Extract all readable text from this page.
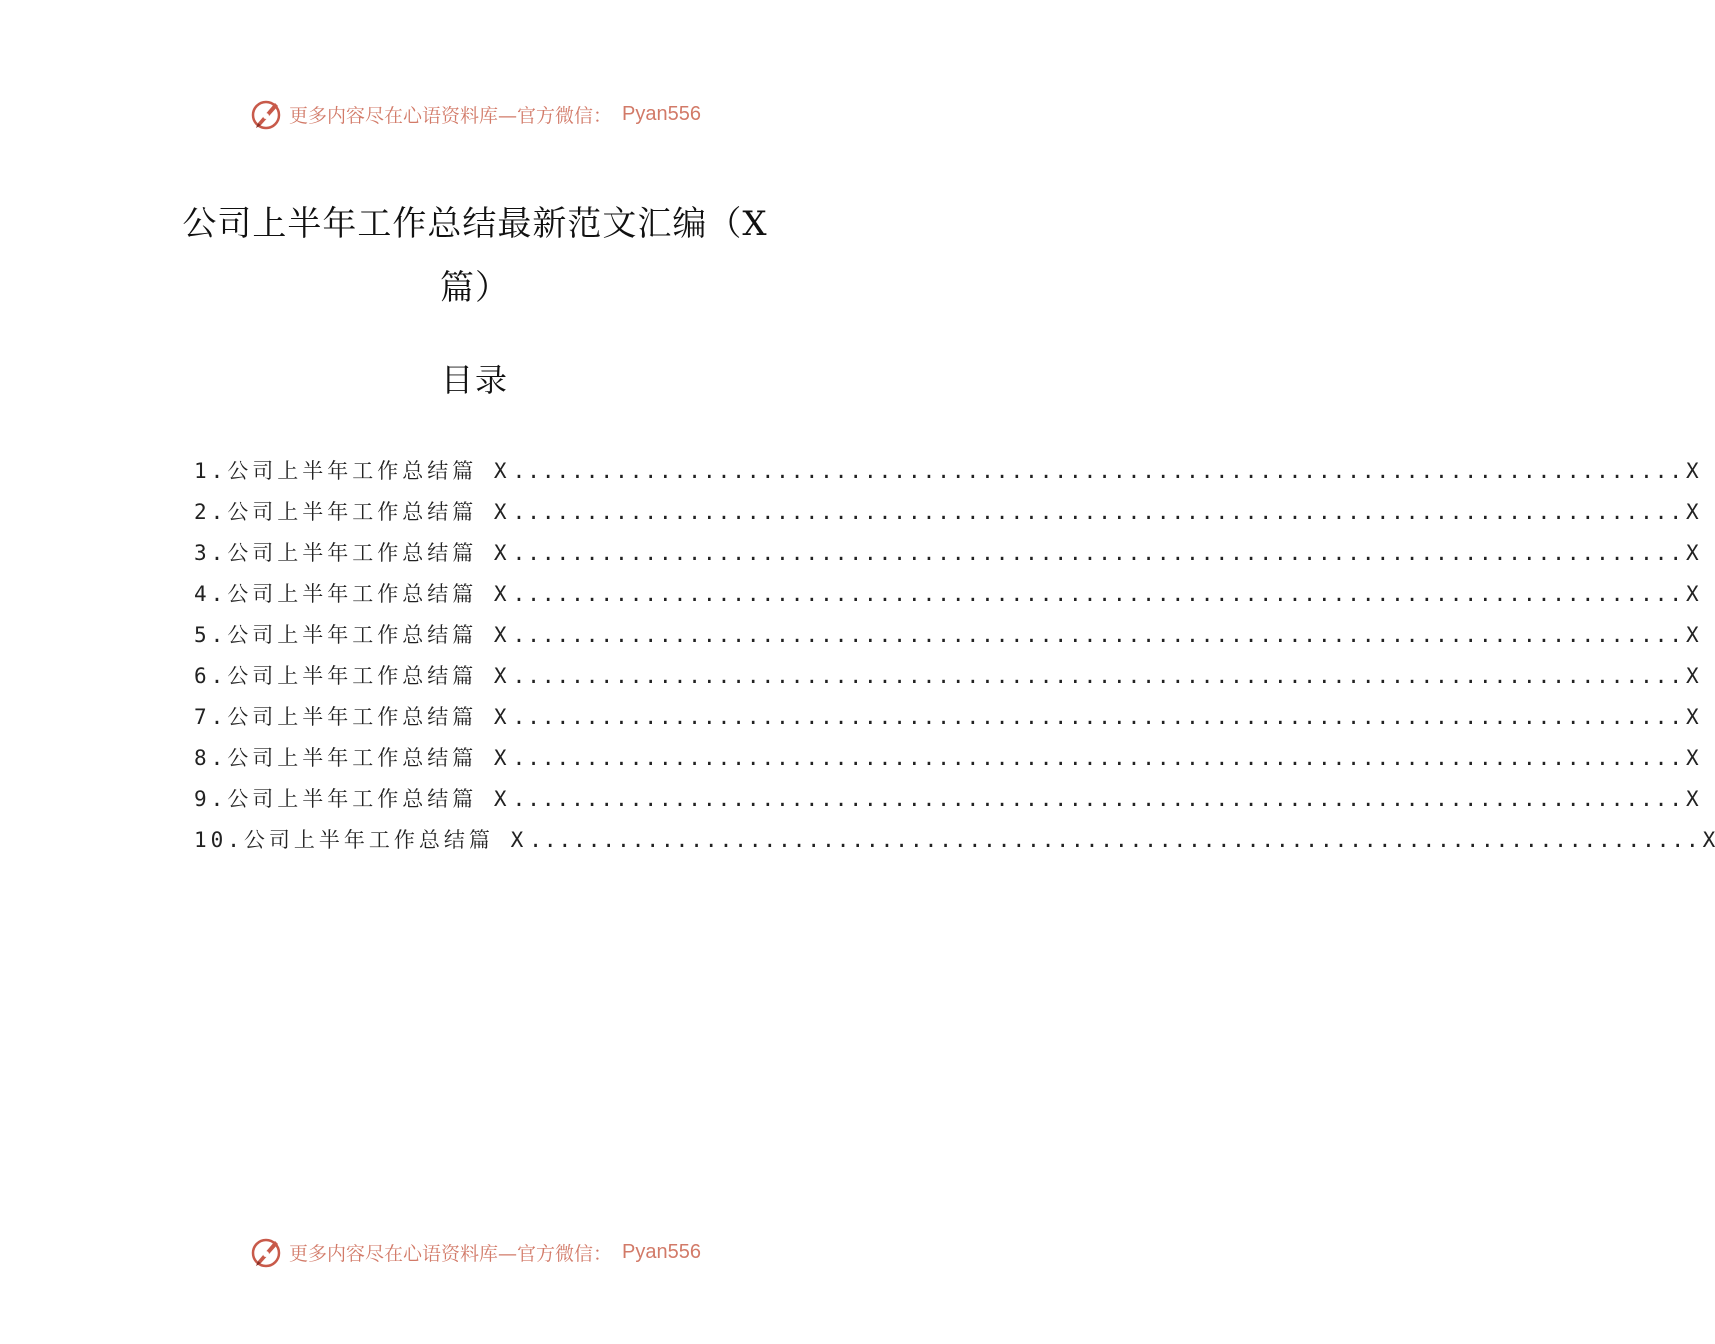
更多内容尽在心语资料库—官方微信： Pyan556
公司上半年工作总结最新范文汇编（X
篇）
目录
1.公司上半年工作总结篇 X ................................................................................ X
2.公司上半年工作总结篇 X ................................................................................ X
3.公司上半年工作总结篇 X ................................................................................ X
4.公司上半年工作总结篇 X ................................................................................ X
5.公司上半年工作总结篇 X ................................................................................ X
6.公司上半年工作总结篇 X ................................................................................ X
7.公司上半年工作总结篇 X ................................................................................ X
8.公司上半年工作总结篇 X ................................................................................ X
9.公司上半年工作总结篇 X ................................................................................ X
10.公司上半年工作总结篇 X ................................................................................ X
更多内容尽在心语资料库—官方微信： Pyan556
